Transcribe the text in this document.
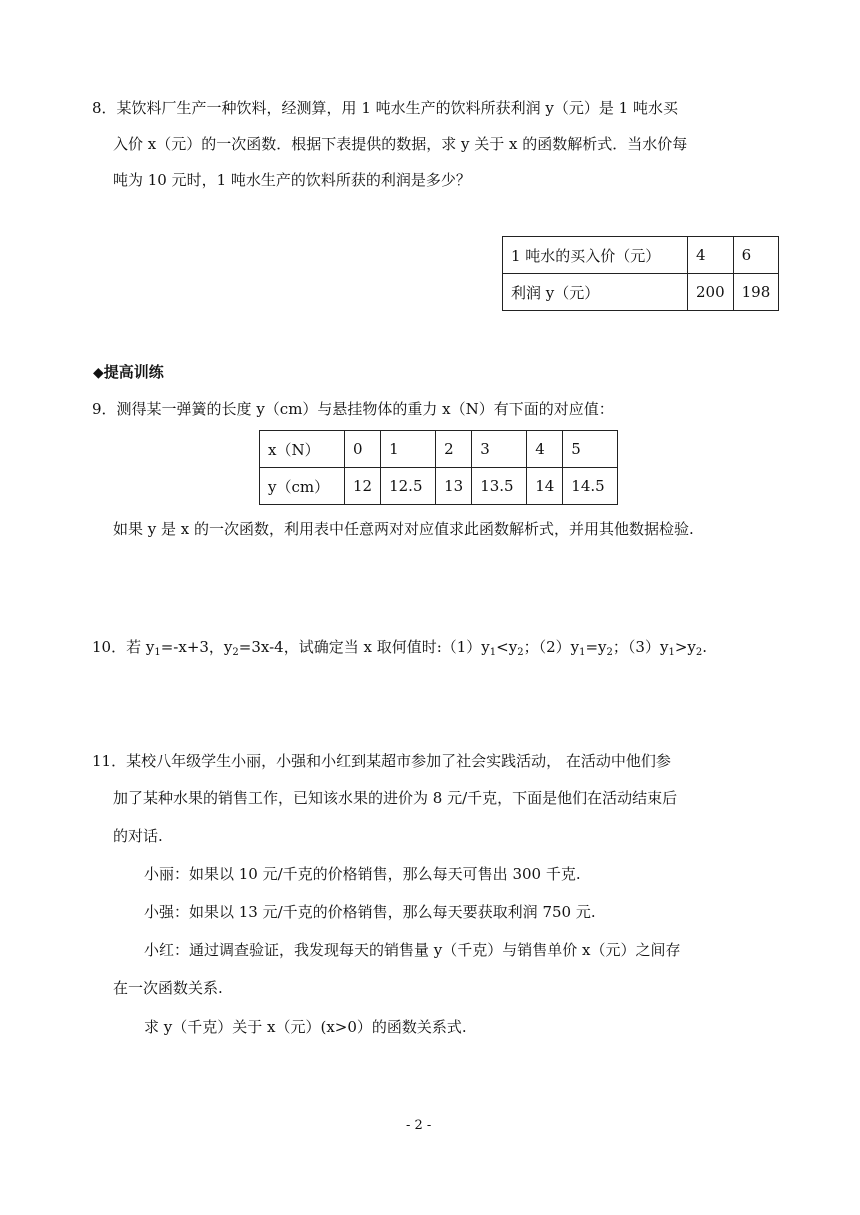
8．某饮料厂生产一种饮料，经测算，用 1 吨水生产的饮料所获利润 y（元）是 1 吨水买
入价 x（元）的一次函数．根据下表提供的数据，求 y 关于 x 的函数解析式．当水价每
吨为 10 元时，1 吨水生产的饮料所获的利润是多少？
1 吨水的买入价（元）	4	6
利润 y（元）	200	198
◆提高训练
9．测得某一弹簧的长度 y（cm）与悬挂物体的重力 x（N）有下面的对应值：
x（N）	0	1	2	3	4	5
y（cm）	12	12.5	13	13.5	14	14.5
如果 y 是 x 的一次函数，利用表中任意两对对应值求此函数解析式，并用其他数据检验.
10．若 $y_1=-x+3$，$y_2=3x-4$，试确定当 x 取何值时$:(1)y_1<y_2$；$(2)y_1=y_2$；$(3)y_1>y_2$.
11．某校八年级学生小丽，小强和小红到某超市参加了社会实践活动， 在活动中他们参
加了某种水果的销售工作，已知该水果的进价为 8 元/千克，下面是他们在活动结束后
的对话.
小丽：如果以 10 元/千克的价格销售，那么每天可售出 300 千克.
小强：如果以 13 元/千克的价格销售，那么每天要获取利润 750 元.
小红：通过调查验证，我发现每天的销售量 y（千克）与销售单价 x（元）之间存
在一次函数关系.
求 y（千克）关于 x（元）(x>0）的函数关系式.
- 2 -
